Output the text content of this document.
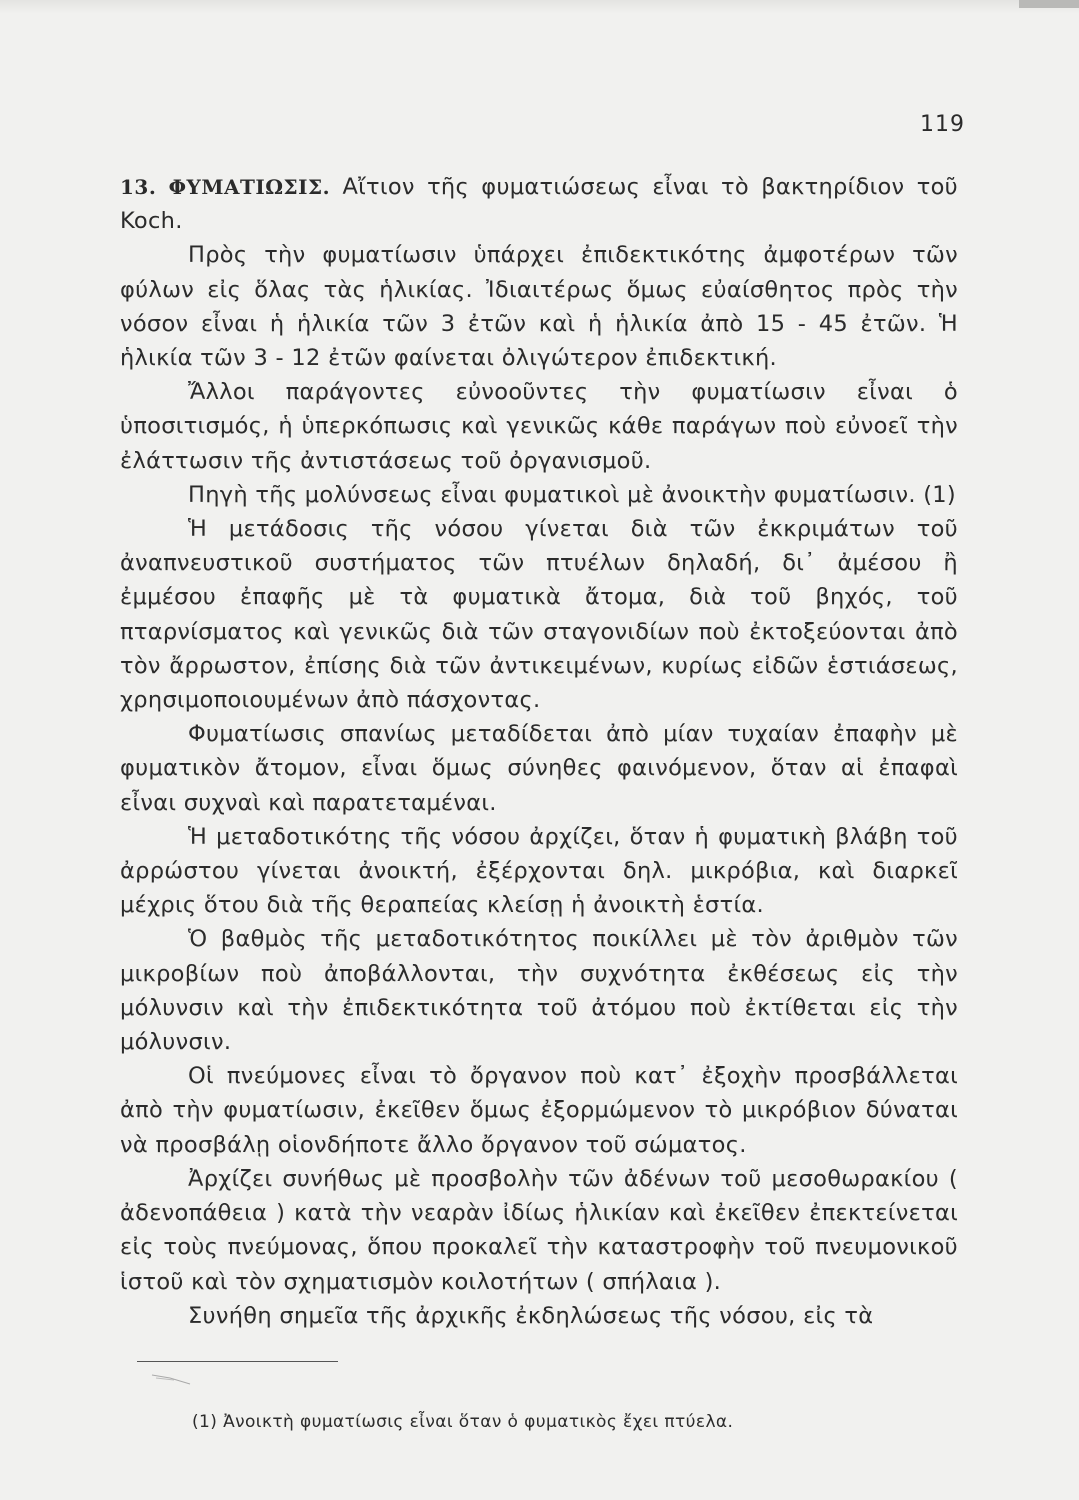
119

13. ΦΥΜΑΤΙΩΣΙΣ. Αἴτιον τῆς φυματιώσεως εἶναι τὸ βακτηρίδιον τοῦ Koch.

Πρὸς τὴν φυματίωσιν ὑπάρχει ἐπιδεκτικότης ἀμφοτέρων τῶν φύλων εἰς ὅλας τὰς ἡλικίας. Ἰδιαιτέρως ὅμως εὐαίσθητος πρὸς τὴν νόσον εἶναι ἡ ἡλικία τῶν 3 ἐτῶν καὶ ἡ ἡλικία ἀπὸ 15 - 45 ἐτῶν. Ἡ ἡλικία τῶν 3 - 12 ἐτῶν φαίνεται ὀλιγώτερον ἐπιδεκτική.

Ἄλλοι παράγοντες εὐνοοῦντες τὴν φυματίωσιν εἶναι ὁ ὑποσιτισμός, ἡ ὑπερκόπωσις καὶ γενικῶς κάθε παράγων ποὺ εὐνοεῖ τὴν ἐλάττωσιν τῆς ἀντιστάσεως τοῦ ὀργανισμοῦ.

Πηγὴ τῆς μολύνσεως εἶναι φυματικοὶ μὲ ἀνοικτὴν φυματίωσιν. (1)

Ἡ μετάδοσις τῆς νόσου γίνεται διὰ τῶν ἐκκριμάτων τοῦ ἀναπνευστικοῦ συστήματος τῶν πτυέλων δηλαδή, δι᾿ ἀμέσου ἢ ἐμμέσου ἐπαφῆς μὲ τὰ φυματικὰ ἄτομα, διὰ τοῦ βηχός, τοῦ πταρνίσματος καὶ γενικῶς διὰ τῶν σταγονιδίων ποὺ ἐκτοξεύονται ἀπὸ τὸν ἄρρωστον, ἐπίσης διὰ τῶν ἀντικειμένων, κυρίως εἰδῶν ἑστιάσεως, χρησιμοποιουμένων ἀπὸ πάσχοντας.

Φυματίωσις σπανίως μεταδίδεται ἀπὸ μίαν τυχαίαν ἐπαφὴν μὲ φυματικὸν ἄτομον, εἶναι ὅμως σύνηθες φαινόμενον, ὅταν αἱ ἐπαφαὶ εἶναι συχναὶ καὶ παρατεταμέναι.

Ἡ μεταδοτικότης τῆς νόσου ἀρχίζει, ὅταν ἡ φυματικὴ βλάβη τοῦ ἀρρώστου γίνεται ἀνοικτή, ἐξέρχονται δηλ. μικρόβια, καὶ διαρκεῖ μέχρις ὅτου διὰ τῆς θεραπείας κλείσῃ ἡ ἀνοικτὴ ἑστία.

Ὁ βαθμὸς τῆς μεταδοτικότητος ποικίλλει μὲ τὸν ἀριθμὸν τῶν μικροβίων ποὺ ἀποβάλλονται, τὴν συχνότητα ἐκθέσεως εἰς τὴν μόλυνσιν καὶ τὴν ἐπιδεκτικότητα τοῦ ἀτόμου ποὺ ἐκτίθεται εἰς τὴν μόλυνσιν.

Οἱ πνεύμονες εἶναι τὸ ὄργανον ποὺ κατ᾿ ἐξοχὴν προσβάλλεται ἀπὸ τὴν φυματίωσιν, ἐκεῖθεν ὅμως ἐξορμώμενον τὸ μικρόβιον δύναται νὰ προσβάλῃ οἱονδήποτε ἄλλο ὄργανον τοῦ σώματος.

Ἀρχίζει συνήθως μὲ προσβολὴν τῶν ἀδένων τοῦ μεσοθωρακίου ( ἀδενοπάθεια ) κατὰ τὴν νεαρὰν ἰδίως ἡλικίαν καὶ ἐκεῖθεν ἐπεκτείνεται εἰς τοὺς πνεύμονας, ὅπου προκαλεῖ τὴν καταστροφὴν τοῦ πνευμονικοῦ ἱστοῦ καὶ τὸν σχηματισμὸν κοιλοτήτων ( σπήλαια ).

Συνήθη σημεῖα τῆς ἀρχικῆς ἐκδηλώσεως τῆς νόσου, εἰς τὰ

(1) Ἀνοικτὴ φυματίωσις εἶναι ὅταν ὁ φυματικὸς ἔχει πτύελα.
